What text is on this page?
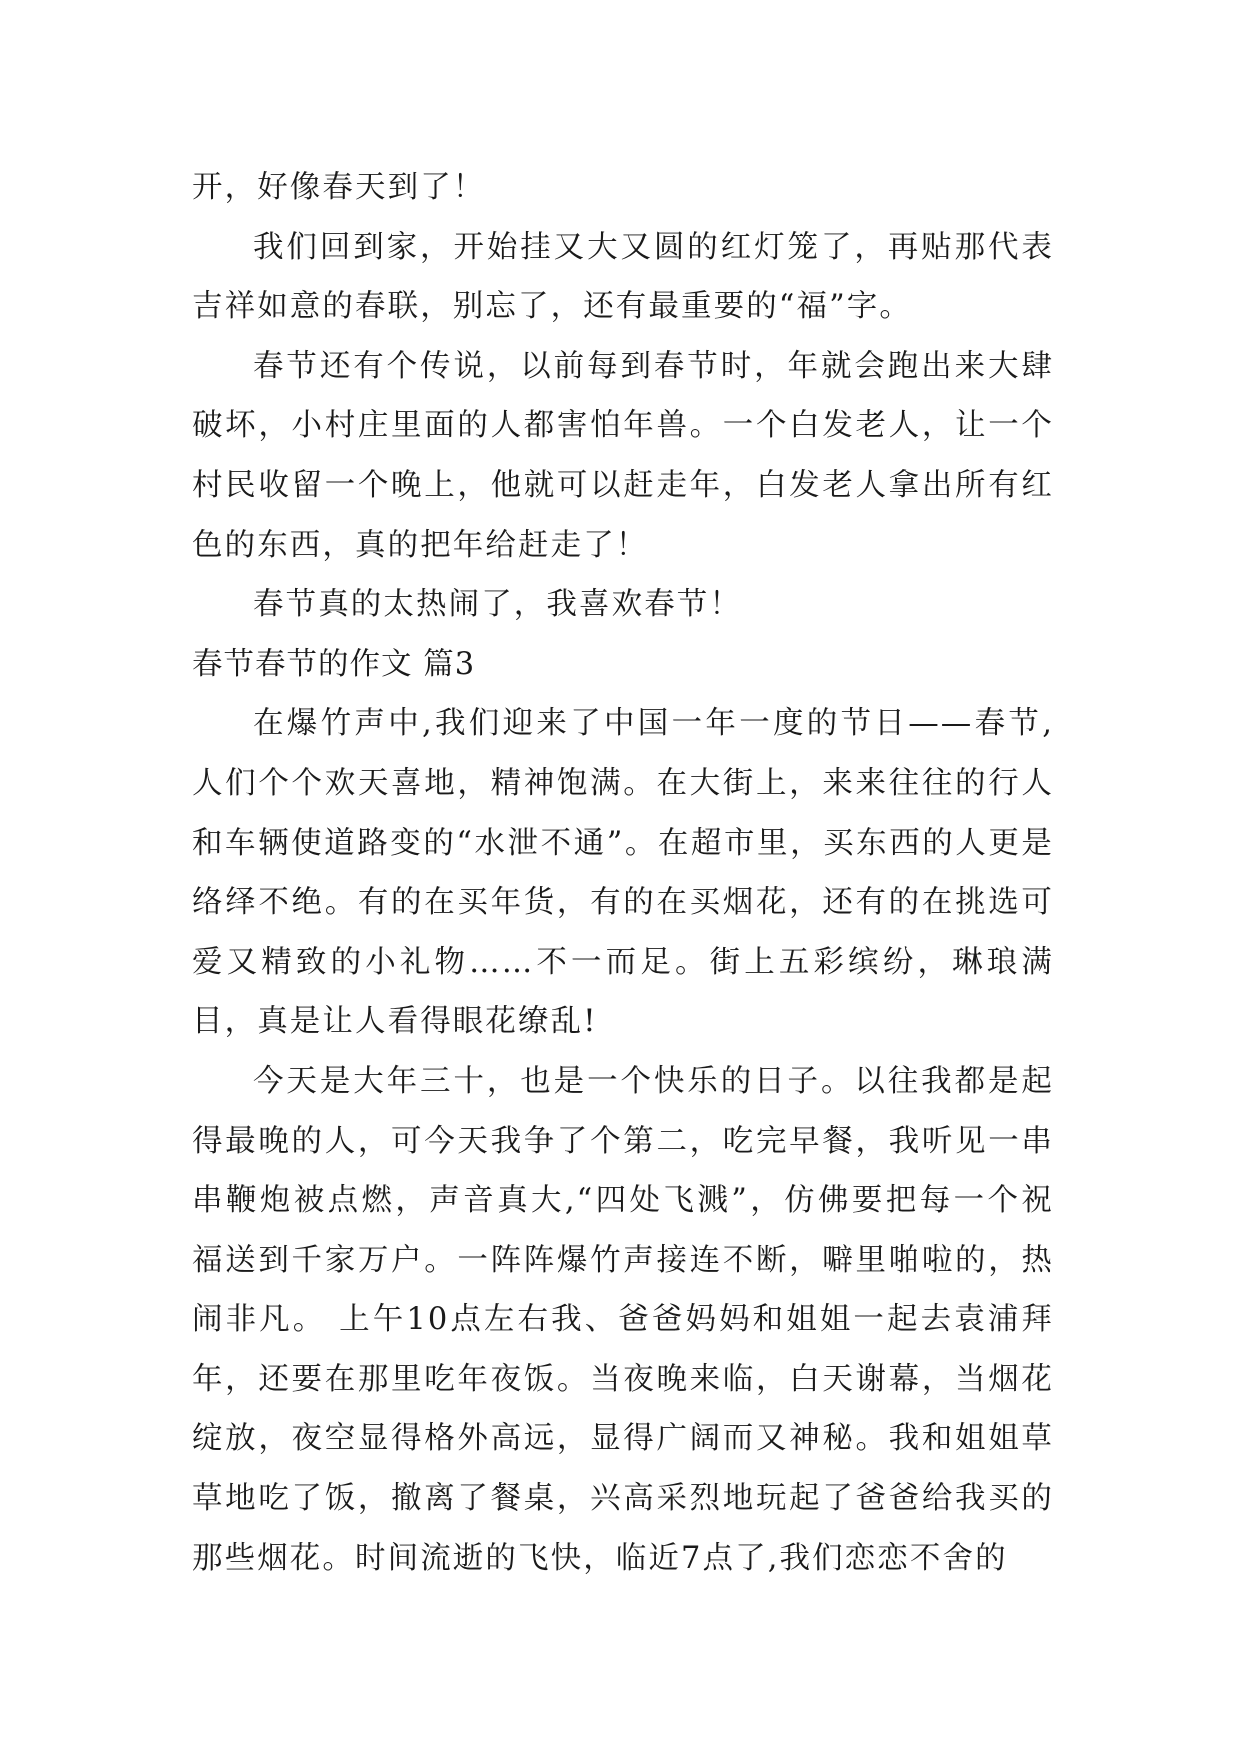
开，好像春天到了！

我们回到家，开始挂又大又圆的红灯笼了，再贴那代表吉祥如意的春联，别忘了，还有最重要的“福”字。

春节还有个传说，以前每到春节时，年就会跑出来大肆破坏，小村庄里面的人都害怕年兽。一个白发老人，让一个村民收留一个晚上，他就可以赶走年，白发老人拿出所有红色的东西，真的把年给赶走了！

春节真的太热闹了，我喜欢春节！

春节春节的作文 篇3

在爆竹声中,我们迎来了中国一年一度的节日——春节,人们个个欢天喜地，精神饱满。在大街上，来来往往的行人和车辆使道路变的“水泄不通”。在超市里，买东西的人更是络绎不绝。有的在买年货，有的在买烟花，还有的在挑选可爱又精致的小礼物……不一而足。街上五彩缤纷，琳琅满目，真是让人看得眼花缭乱!

今天是大年三十，也是一个快乐的日子。以往我都是起得最晚的人，可今天我争了个第二，吃完早餐，我听见一串串鞭炮被点燃，声音真大,“四处飞溅”，仿佛要把每一个祝福送到千家万户。一阵阵爆竹声接连不断，噼里啪啦的，热闹非凡。 上午10点左右我、爸爸妈妈和姐姐一起去袁浦拜年，还要在那里吃年夜饭。当夜晚来临，白天谢幕，当烟花绽放，夜空显得格外高远，显得广阔而又神秘。我和姐姐草草地吃了饭，撤离了餐桌，兴高采烈地玩起了爸爸给我买的那些烟花。时间流逝的飞快，临近7点了,我们恋恋不舍的
